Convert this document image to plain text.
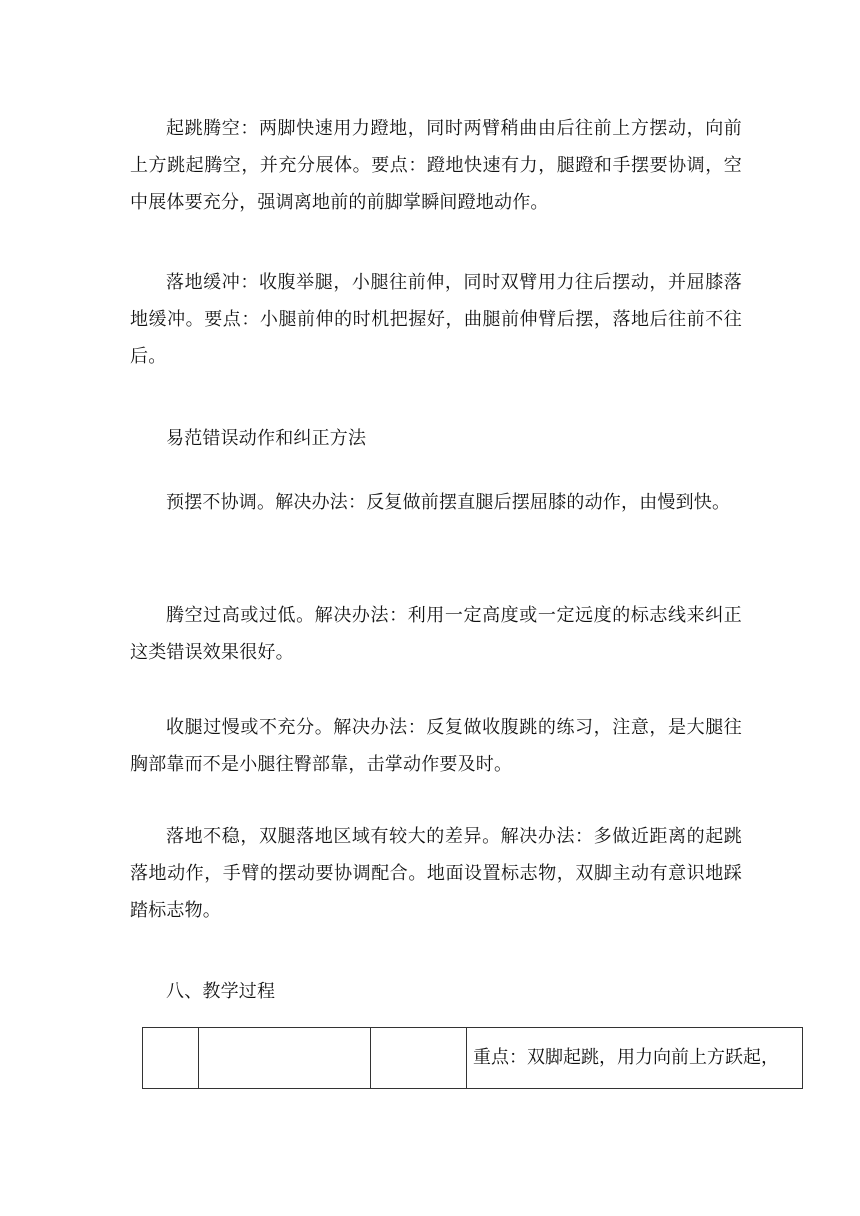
起跳腾空：两脚快速用力蹬地，同时两臂稍曲由后往前上方摆动，向前上方跳起腾空，并充分展体。要点：蹬地快速有力，腿蹬和手摆要协调，空中展体要充分，强调离地前的前脚掌瞬间蹬地动作。

落地缓冲：收腹举腿，小腿往前伸，同时双臂用力往后摆动，并屈膝落地缓冲。要点：小腿前伸的时机把握好，曲腿前伸臂后摆，落地后往前不往后。

易范错误动作和纠正方法

预摆不协调。解决办法：反复做前摆直腿后摆屈膝的动作，由慢到快。

腾空过高或过低。解决办法：利用一定高度或一定远度的标志线来纠正这类错误效果很好。

收腿过慢或不充分。解决办法：反复做收腹跳的练习，注意，是大腿往胸部靠而不是小腿往臀部靠，击掌动作要及时。

落地不稳，双腿落地区域有较大的差异。解决办法：多做近距离的起跳落地动作，手臂的摆动要协调配合。地面设置标志物，双脚主动有意识地踩踏标志物。

八、教学过程

			重点：双脚起跳，用力向前上方跃起，
